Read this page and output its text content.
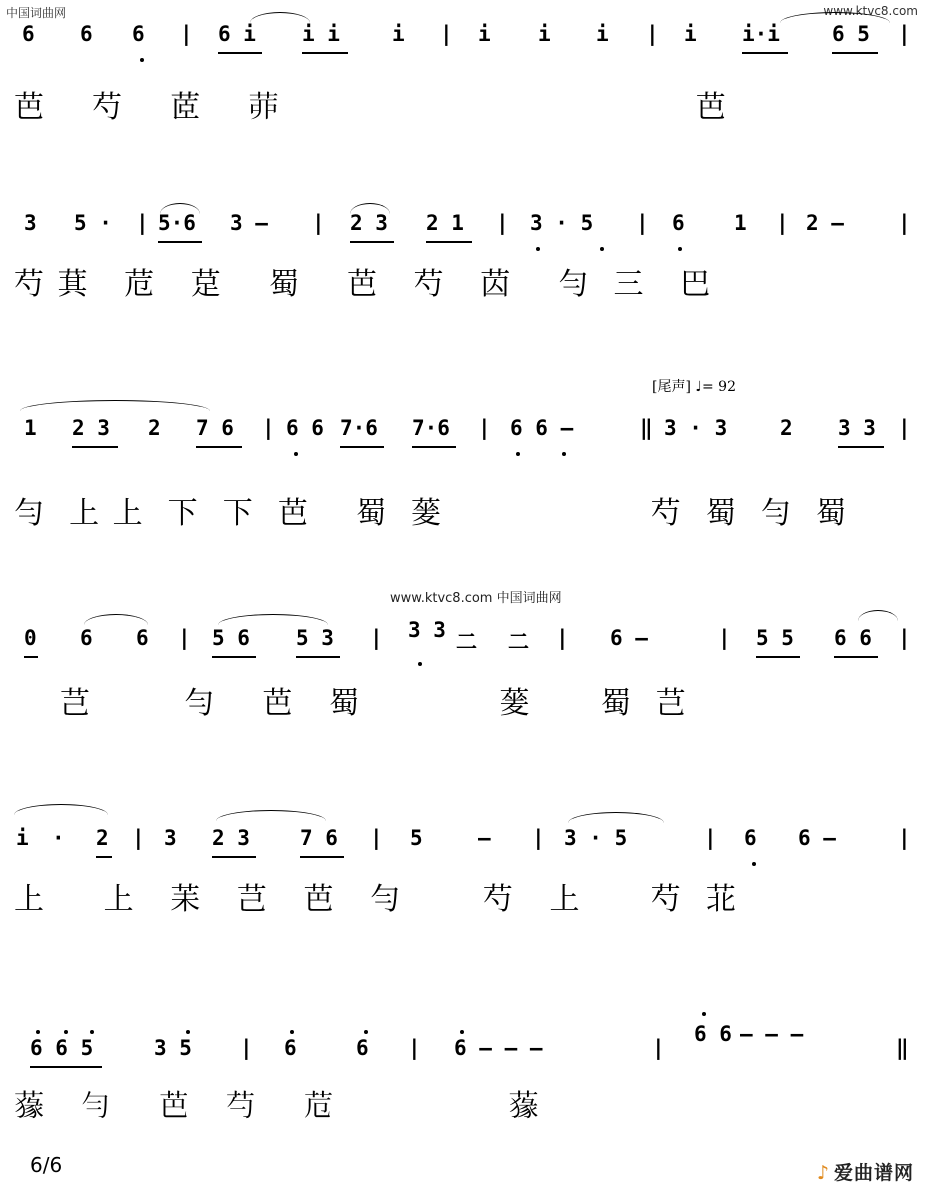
中国词曲网	www.ktvc8.com
6 6 6 | 6 i i i i | i i i | i i·i 6 5 |
芭    芍    茝    𦯄                                    芭
3 5 · | 5·6 3 — | 2 3 2 1 | 3 · 5 | 6 1 | 2 —	|
芍 萁   苊   莡    蜀    芭   芍   苬    勻  三   巴
[尾声] ♩= 92
1 2 3 2 7 6 | 6 6 7·6 7·6 | 6 6 —	‖ 3 · 3	2 3 3 |
勻  上 上  下  下  芭    蜀  蓌                  芍  蜀  勻  蜀
www.ktvc8.com 中国词曲网
0 6 6 | 5 6 5 3 | 3 3 二 二 | 6 —	| 5 5 6 6 |
芑        勻    芭   蜀            蓌      蜀  芑
i · 2 | 3 2 3 7 6 | 5	— | 3 · 5	| 6 6 —	|
上     上   苿   芑   芭   勻       芍   上      芍  苝
6 6 5	3 5 | 6	6 | 6 — — —	|
6 6 — — —
‖
𦺛   勻    芭   芍    苊               𦺛
6/6	♪ 爱曲谱网
